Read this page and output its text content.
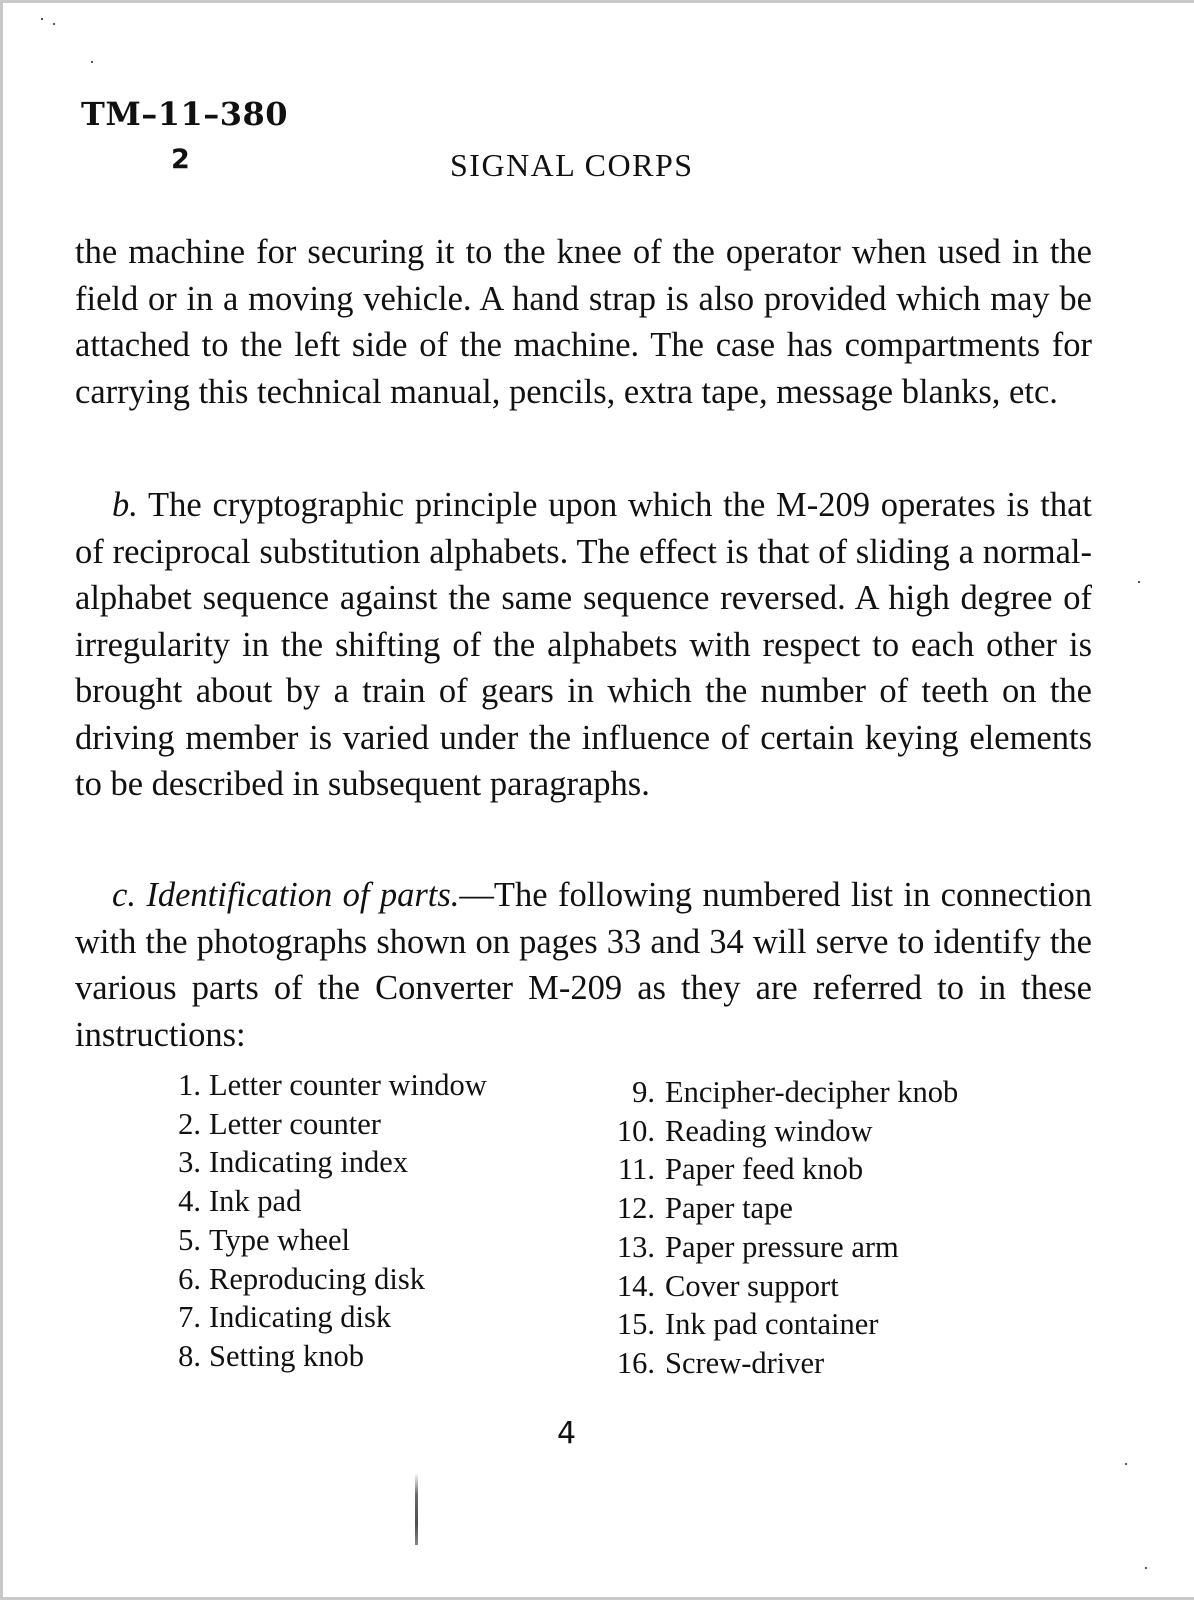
TM–11–380
2	SIGNAL CORPS

the machine for securing it to the knee of the operator when used in the field or in a moving vehicle. A hand strap is also provided which may be attached to the left side of the machine. The case has compartments for carrying this technical manual, pencils, extra tape, message blanks, etc.

b. The cryptographic principle upon which the M-209 operates is that of reciprocal substitution alphabets. The effect is that of sliding a normal-alphabet sequence against the same sequence reversed. A high degree of irregularity in the shifting of the alphabets with respect to each other is brought about by a train of gears in which the number of teeth on the driving member is varied under the influence of certain keying elements to be described in subsequent paragraphs.

c. Identification of parts.—The following numbered list in connection with the photographs shown on pages 33 and 34 will serve to identify the various parts of the Converter M-209 as they are referred to in these instructions:

1. Letter counter window
2. Letter counter
3. Indicating index
4. Ink pad
5. Type wheel
6. Reproducing disk
7. Indicating disk
8. Setting knob
9. Encipher-decipher knob
10. Reading window
11. Paper feed knob
12. Paper tape
13. Paper pressure arm
14. Cover support
15. Ink pad container
16. Screw-driver
4
